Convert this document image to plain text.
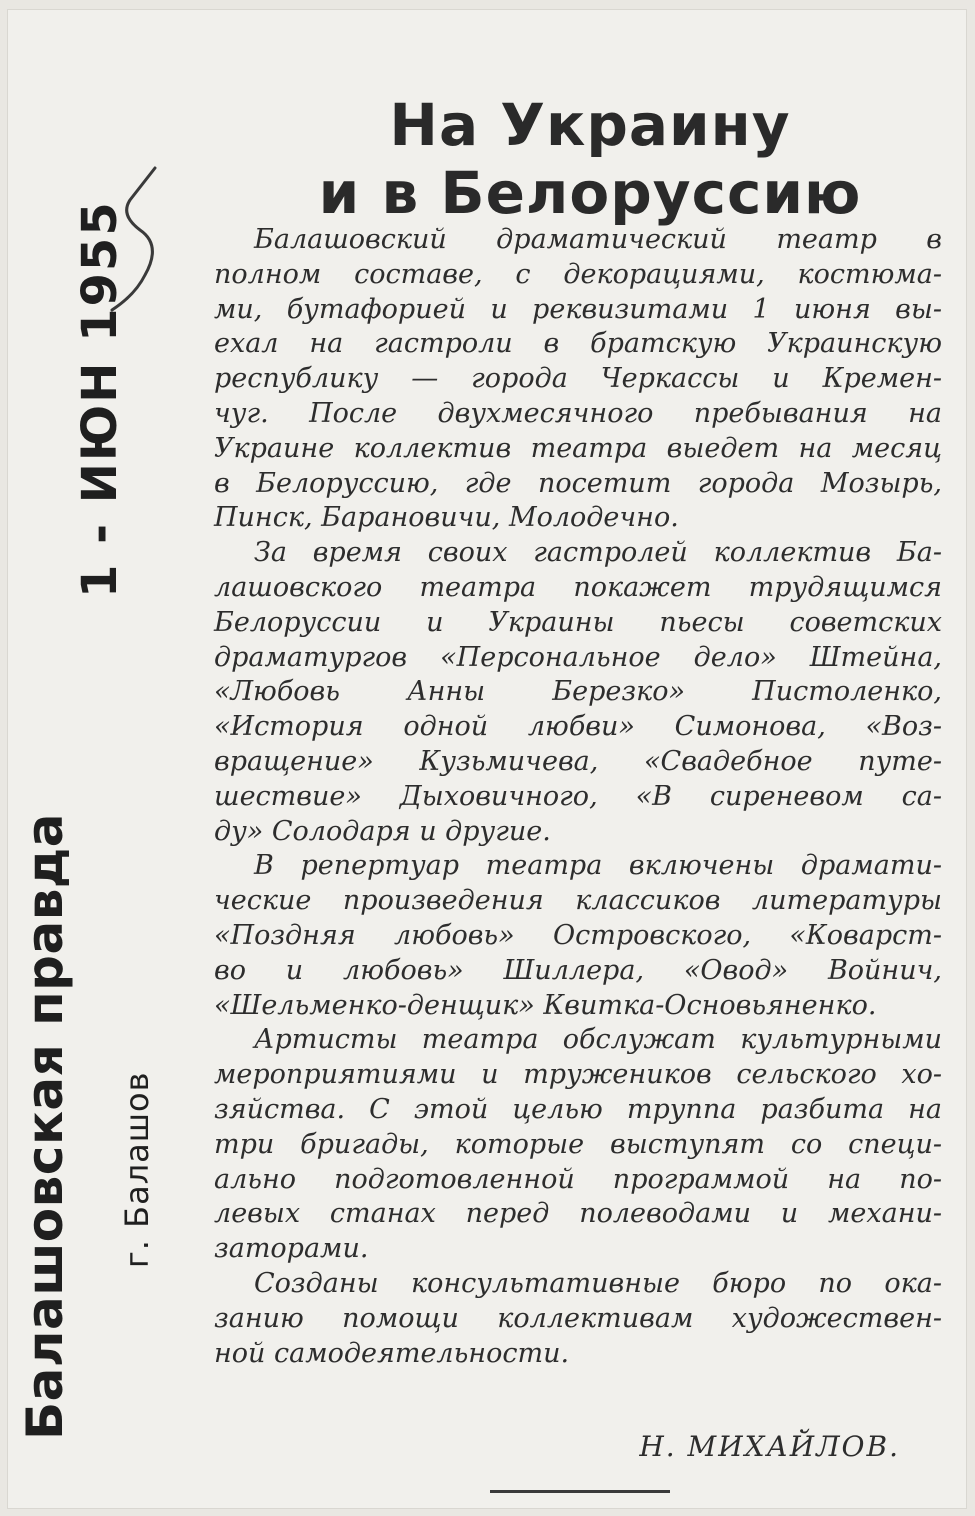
Балашовская правда г. Балашов
1 - ИЮН 1955
На Украину
и в Белоруссию
Балашовский драматический театр в
полном составе, с декорациями, костюма-
ми, бутафорией и реквизитами 1 июня вы-
ехал на гастроли в братскую Украинскую
республику — города Черкассы и Кремен-
чуг. После двухмесячного пребывания на
Украине коллектив театра выедет на месяц
в Белоруссию, где посетит города Мозырь,
Пинск, Барановичи, Молодечно.
За время своих гастролей коллектив Ба-
лашовского театра покажет трудящимся
Белоруссии и Украины пьесы советских
драматургов «Персональное дело» Штейна,
«Любовь Анны Березко» Пистоленко,
«История одной любви» Симонова, «Воз-
вращение» Кузьмичева, «Свадебное путе-
шествие» Дыховичного, «В сиреневом са-
ду» Солодаря и другие.
В репертуар театра включены драмати-
ческие произведения классиков литературы
«Поздняя любовь» Островского, «Коварст-
во и любовь» Шиллера, «Овод» Войнич,
«Шельменко-денщик» Квитка-Основьяненко.
Артисты театра обслужат культурными
мероприятиями и тружеников сельского хо-
зяйства. С этой целью труппа разбита на
три бригады, которые выступят со специ-
ально подготовленной программой на по-
левых станах перед полеводами и механи-
заторами.
Созданы консультативные бюро по ока-
занию помощи коллективам художествен-
ной самодеятельности.
Н. МИХАЙЛОВ.
